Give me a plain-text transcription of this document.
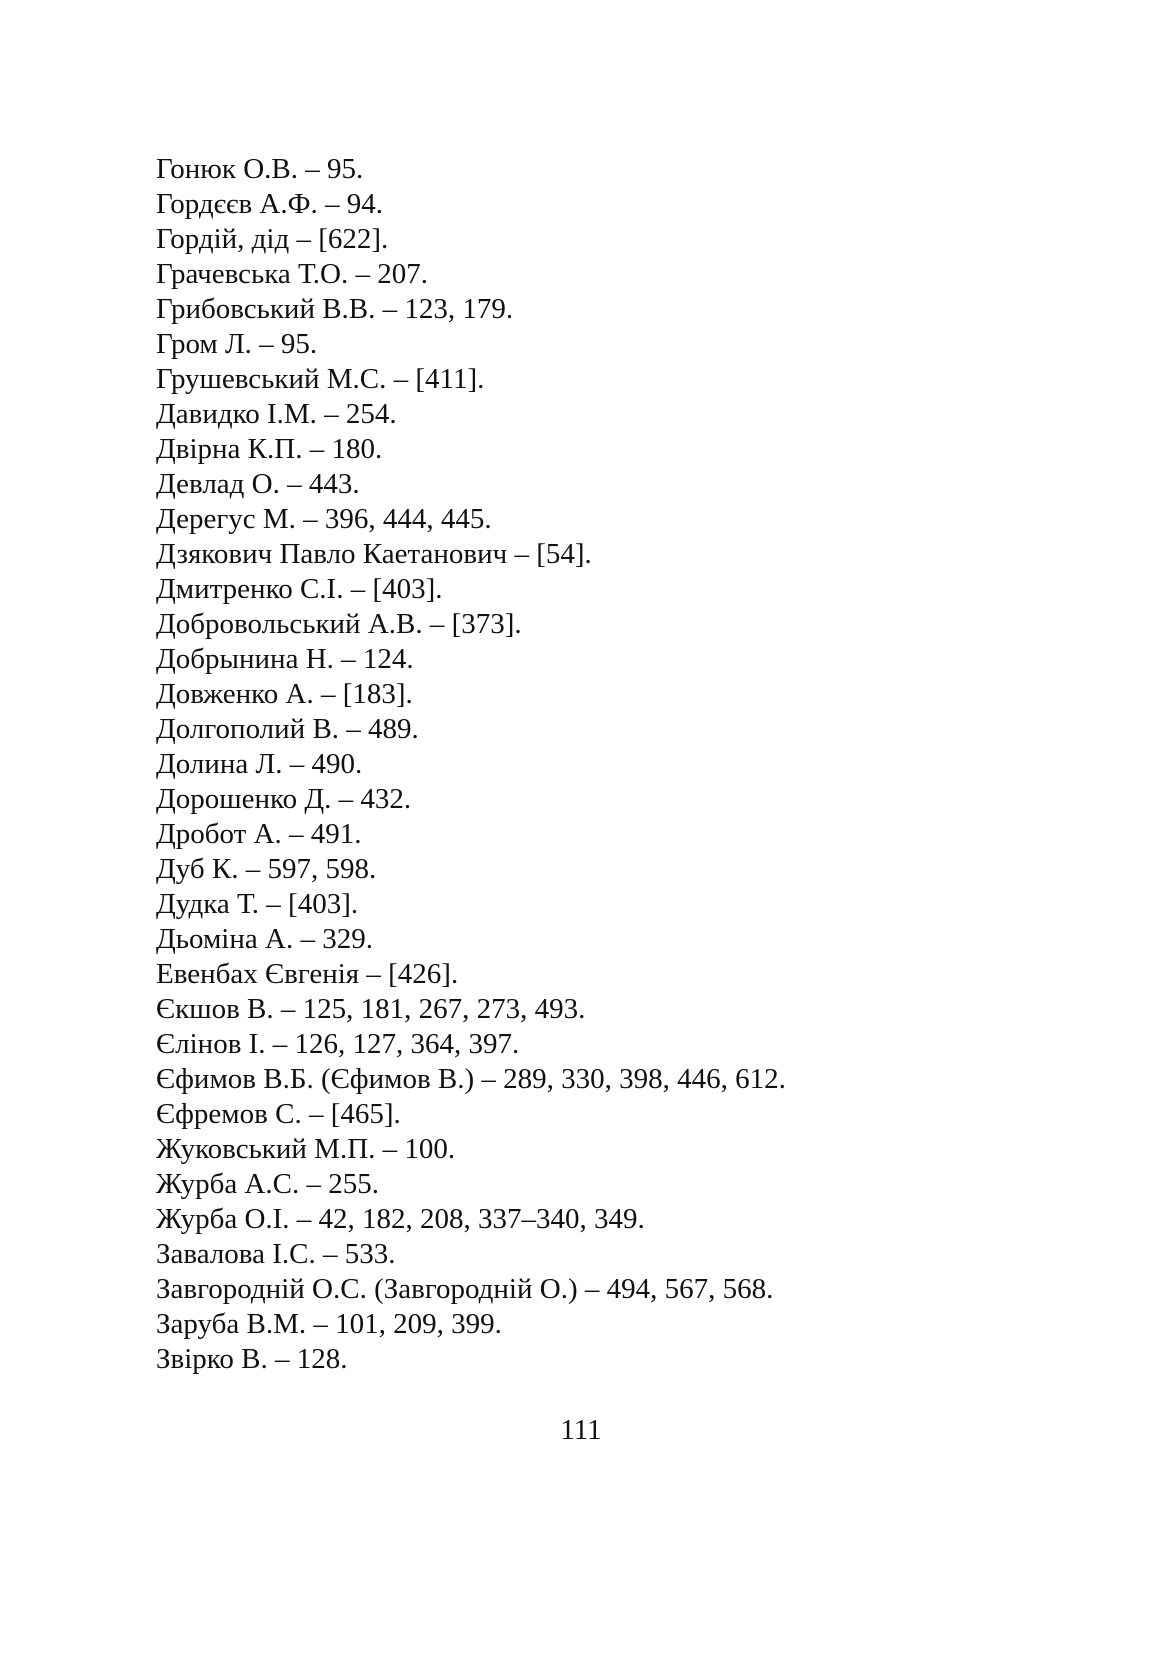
Гонюк О.В. – 95.
Гордєєв А.Ф. – 94.
Гордій, дід – [622].
Грачевська Т.О. – 207.
Грибовський В.В. – 123, 179.
Гром Л. – 95.
Грушевський М.С. – [411].
Давидко І.М. – 254.
Двірна К.П. – 180.
Девлад О. – 443.
Дерегус М. – 396, 444, 445.
Дзякович Павло Каетанович – [54].
Дмитренко С.І. – [403].
Добровольський А.В. – [373].
Добрынина Н. – 124.
Довженко А. – [183].
Долгополий В. – 489.
Долина Л. – 490.
Дорошенко Д. – 432.
Дробот А. – 491.
Дуб К. – 597, 598.
Дудка Т. – [403].
Дьоміна А. – 329.
Евенбах Євгенія – [426].
Єкшов В. – 125, 181, 267, 273, 493.
Єлінов І. – 126, 127, 364, 397.
Єфимов В.Б. (Єфимов В.) – 289, 330, 398, 446, 612.
Єфремов С. – [465].
Жуковський М.П. – 100.
Журба А.С. – 255.
Журба О.І. – 42, 182, 208, 337–340, 349.
Завалова І.С. – 533.
Завгородній О.С. (Завгородній О.) – 494, 567, 568.
Заруба В.М. – 101, 209, 399.
Звірко В. – 128.
111
